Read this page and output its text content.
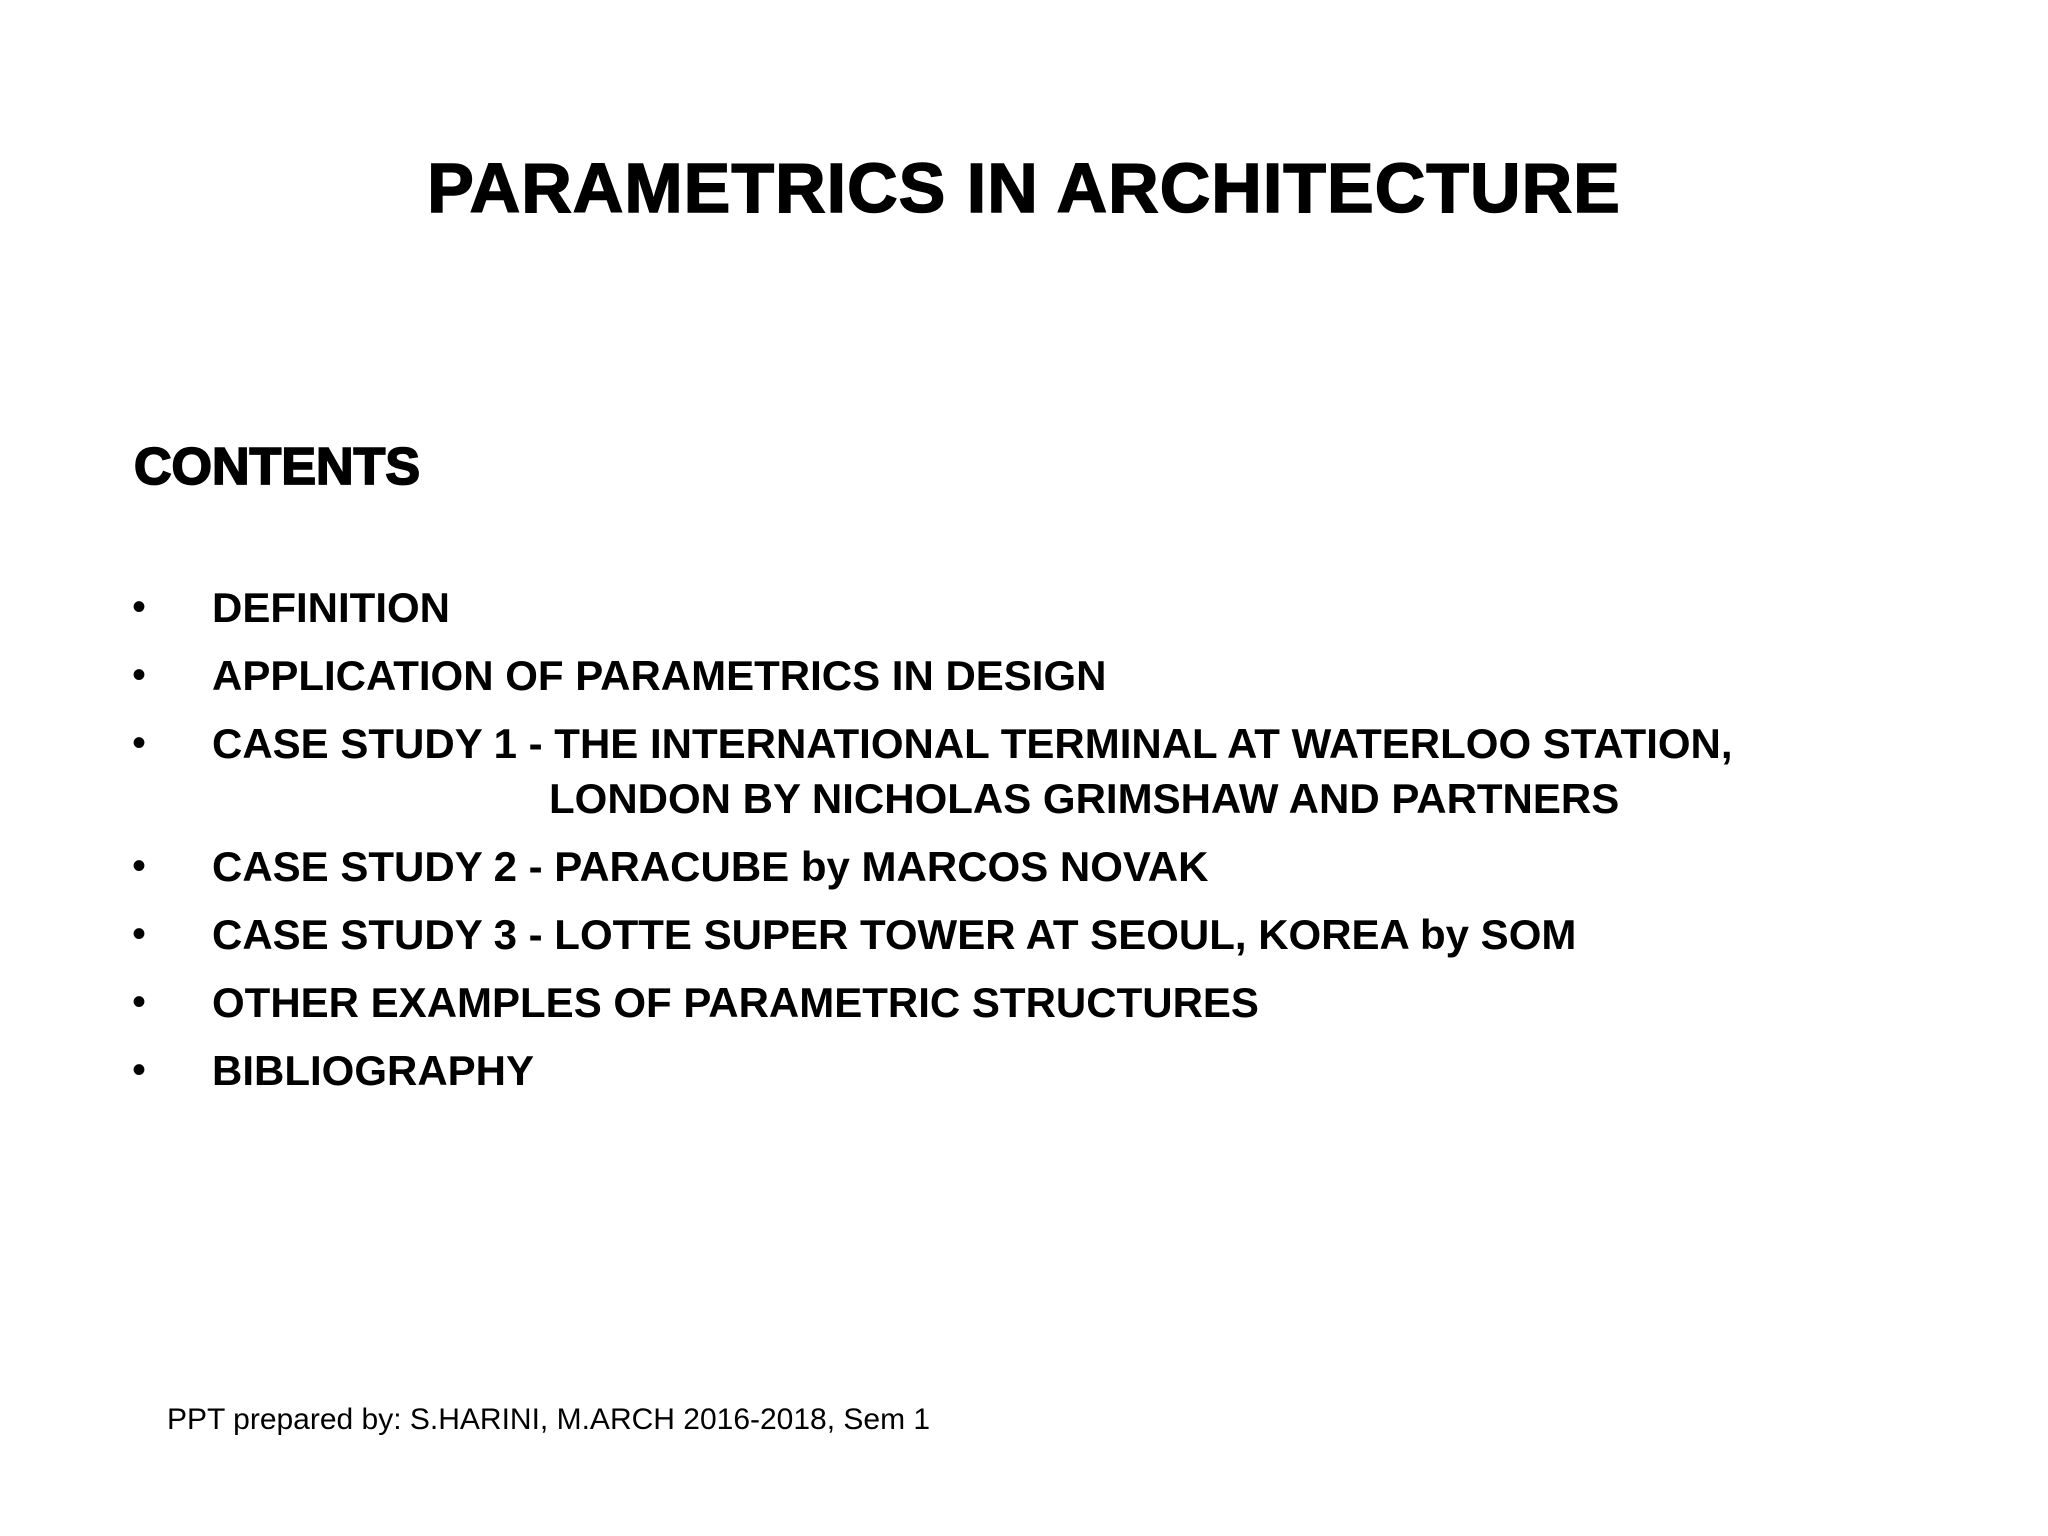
PARAMETRICS IN ARCHITECTURE
CONTENTS
• DEFINITION
• APPLICATION OF PARAMETRICS IN DESIGN
• CASE STUDY 1 - THE INTERNATIONAL TERMINAL AT WATERLOO STATION,
LONDON BY NICHOLAS GRIMSHAW AND PARTNERS
• CASE STUDY 2 - PARACUBE by MARCOS NOVAK
• CASE STUDY 3 - LOTTE SUPER TOWER AT SEOUL, KOREA by SOM
• OTHER EXAMPLES OF PARAMETRIC STRUCTURES
• BIBLIOGRAPHY
PPT prepared by: S.HARINI, M.ARCH 2016-2018, Sem 1
